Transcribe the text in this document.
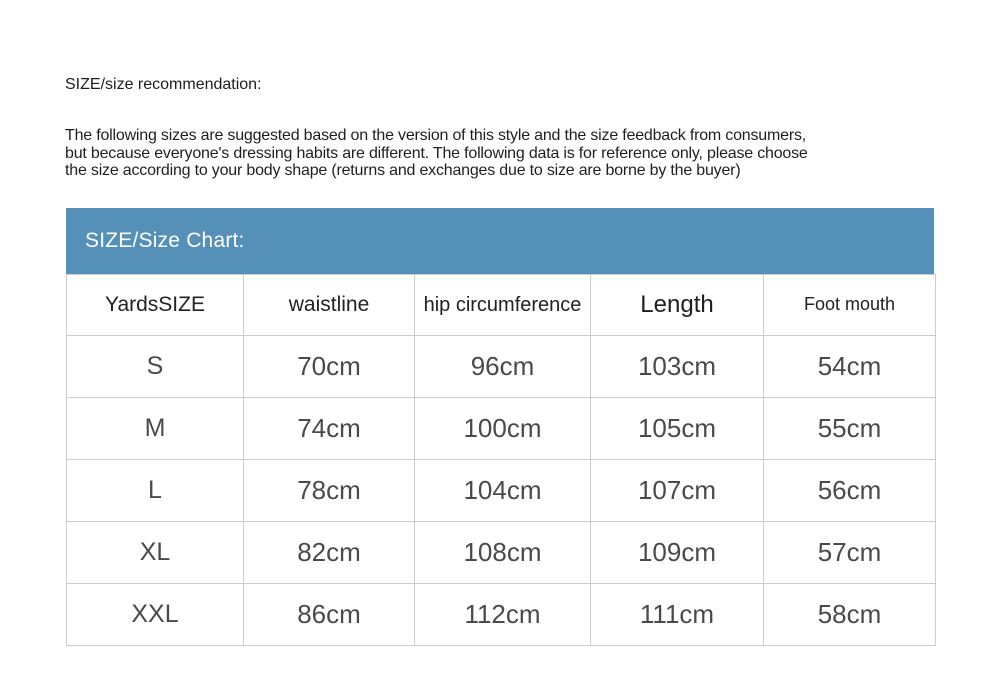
SIZE/size recommendation:
The following sizes are suggested based on the version of this style and the size feedback from consumers,
but because everyone's dressing habits are different. The following data is for reference only, please choose
the size according to your body shape (returns and exchanges due to size are borne by the buyer)
SIZE/Size Chart:
YardsSIZE	waistline	hip circumference	Length	Foot mouth
S	70cm	96cm	103cm	54cm
M	74cm	100cm	105cm	55cm
L	78cm	104cm	107cm	56cm
XL	82cm	108cm	109cm	57cm
XXL	86cm	112cm	111cm	58cm
